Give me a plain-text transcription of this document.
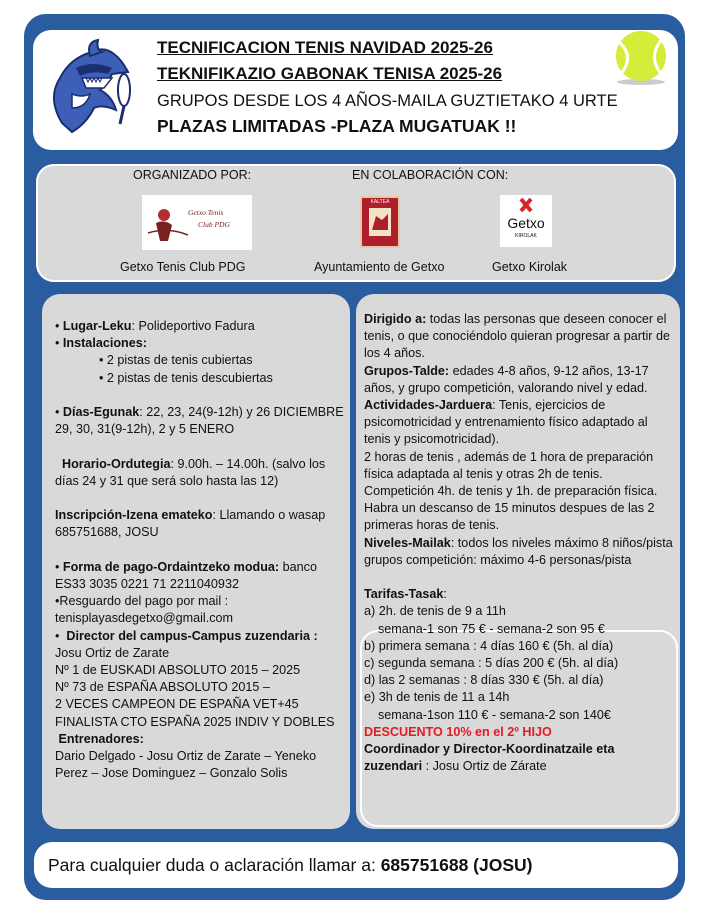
TECNIFICACION TENIS NAVIDAD 2025-26
TEKNIFIKAZIO GABONAK TENISA 2025-26
GRUPOS DESDE LOS 4 AÑOS-MAILA GUZTIETAKO 4 URTE
PLAZAS LIMITADAS -PLAZA MUGATUAK !!
ORGANIZADO POR:	EN COLABORACIÓN CON:
Getxo Tenis
Club PDG
KALTEA
Getxo
KIROLAK
Getxo Tenis Club PDG	Ayuntamiento de Getxo	Getxo Kirolak

• Lugar-Leku: Polideportivo Fadura

• Instalaciones:

• 2 pistas de tenis cubiertas

• 2 pistas de tenis descubiertas

• Días-Egunak: 22, 23, 24(9-12h) y 26 DICIEMBRE

29, 30, 31(9-12h), 2 y 5 ENERO

Horario-Ordutegia: 9.00h. – 14.00h. (salvo los días 24 y 31 que será solo hasta las 12)

Inscripción-Izena emateko: Llamando o wasap 685751688, JOSU

• Forma de pago-Ordaintzeko modua: banco ES33 3035 0221 71 2211040932

•Resguardo del pago por mail : tenisplayasdegetxo@gmail.com

•  Director del campus-Campus zuzendaria :

Josu Ortiz de Zarate

Nº 1 de EUSKADI ABSOLUTO 2015 – 2025

Nº 73 de ESPAÑA ABSOLUTO 2015 –

2 VECES CAMPEON DE ESPAÑA VET+45

FINALISTA CTO ESPAÑA 2025 INDIV Y DOBLES

Entrenadores:

Dario Delgado - Josu Ortiz de Zarate – Yeneko Perez – Jose Dominguez – Gonzalo Solis

Dirigido a: todas las personas que deseen conocer el tenis, o que conociéndolo quieran progresar a partir de los 4 años.

Grupos-Talde: edades 4-8 años, 9-12 años, 13-17 años, y grupo competición, valorando nivel y edad.

Actividades-Jarduera: Tenis, ejercicios de psicomotricidad y entrenamiento físico adaptado al tenis y psicomotricidad).

2 horas de tenis , además de 1 hora de preparación física adaptada al tenis y otras 2h de tenis.

Competición 4h. de tenis y 1h. de preparación física. Habra un descanso de 15 minutos despues de las 2 primeras horas de tenis.

Niveles-Mailak: todos los niveles máximo 8 niños/pista

grupos competición: máximo 4-6 personas/pista

Tarifas-Tasak:

a) 2h. de tenis de 9 a 11h

semana-1 son 75 € - semana-2 son 95 €

b) primera semana : 4 días 160 € (5h. al día)

c) segunda semana : 5 días 200 € (5h. al día)

d) las 2 semanas : 8 días 330 € (5h. al día)

e) 3h de tenis de 11 a 14h

semana-1son 110 € - semana-2 son 140€

DESCUENTO 10% en el 2º HIJO

Coordinador y Director-Koordinatzaile eta zuzendari : Josu Ortiz de Zárate

Para cualquier duda o aclaración llamar a: 685751688 (JOSU)
